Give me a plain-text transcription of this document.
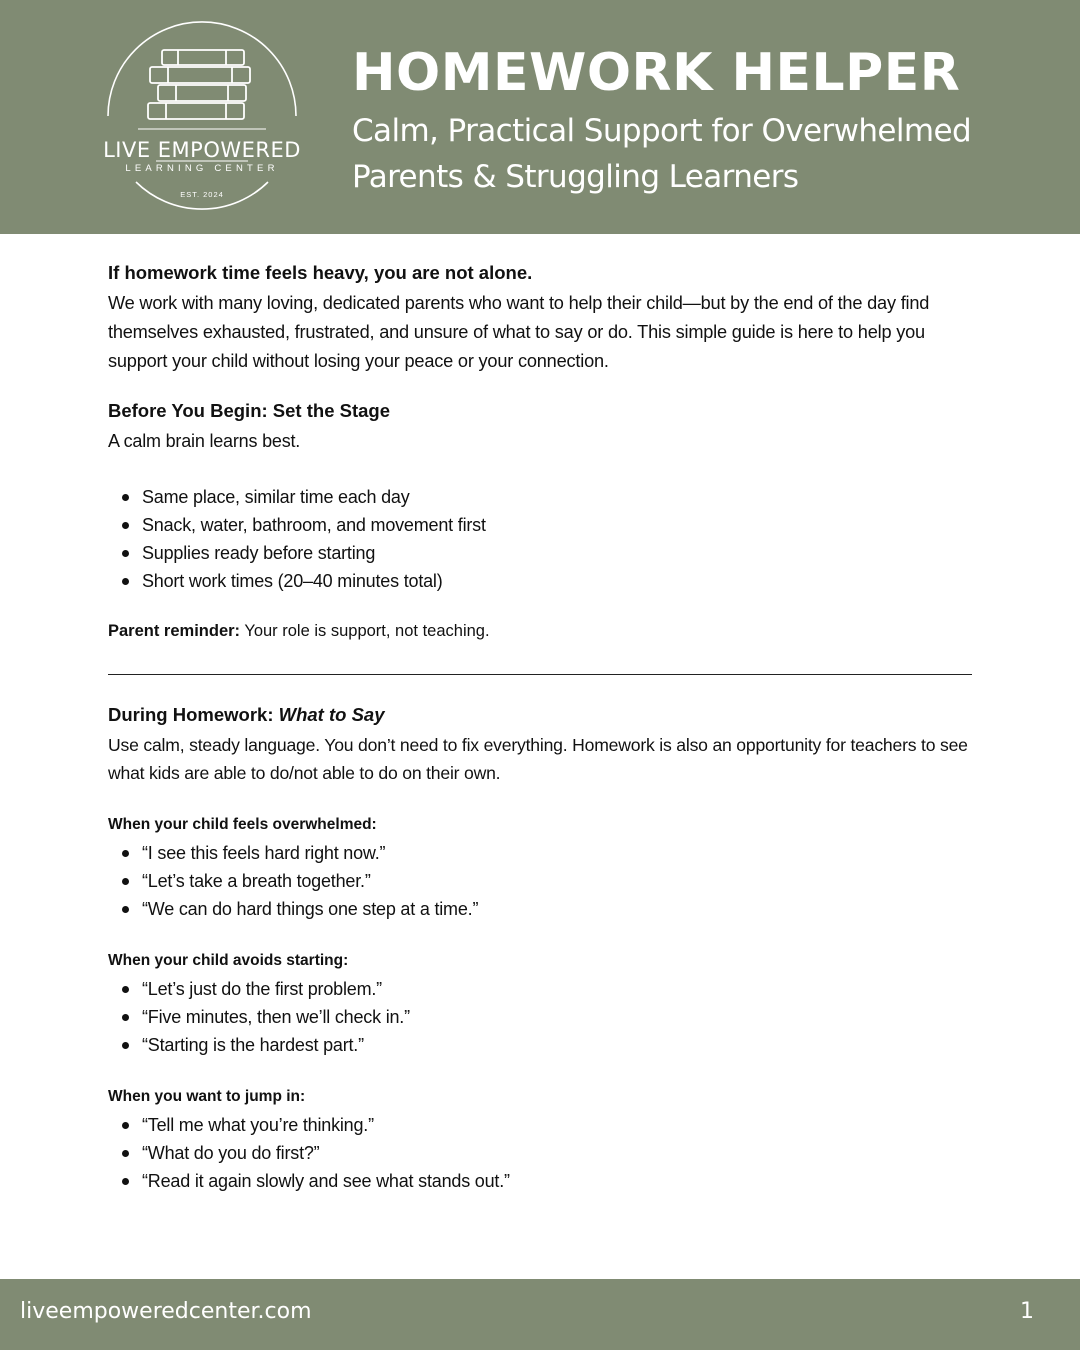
LIVE EMPOWERED
LEARNING CENTER
EST. 2024
HOMEWORK HELPER
Calm, Practical Support for Overwhelmed Parents & Struggling Learners
If homework time feels heavy, you are not alone.
We work with many loving, dedicated parents who want to help their child—but by the end of the day find themselves exhausted, frustrated, and unsure of what to say or do. This simple guide is here to help you support your child without losing your peace or your connection.
Before You Begin: Set the Stage
A calm brain learns best.
Same place, similar time each day
Snack, water, bathroom, and movement first
Supplies ready before starting
Short work times (20–40 minutes total)
Parent reminder: Your role is support, not teaching.
During Homework: What to Say
Use calm, steady language. You don’t need to fix everything. Homework is also an opportunity for teachers to see what kids are able to do/not able to do on their own.
When your child feels overwhelmed:
“I see this feels hard right now.”
“Let’s take a breath together.”
“We can do hard things one step at a time.”
When your child avoids starting:
“Let’s just do the first problem.”
“Five minutes, then we’ll check in.”
“Starting is the hardest part.”
When you want to jump in:
“Tell me what you’re thinking.”
“What do you do first?”
“Read it again slowly and see what stands out.”
liveempoweredcenter.com	1
